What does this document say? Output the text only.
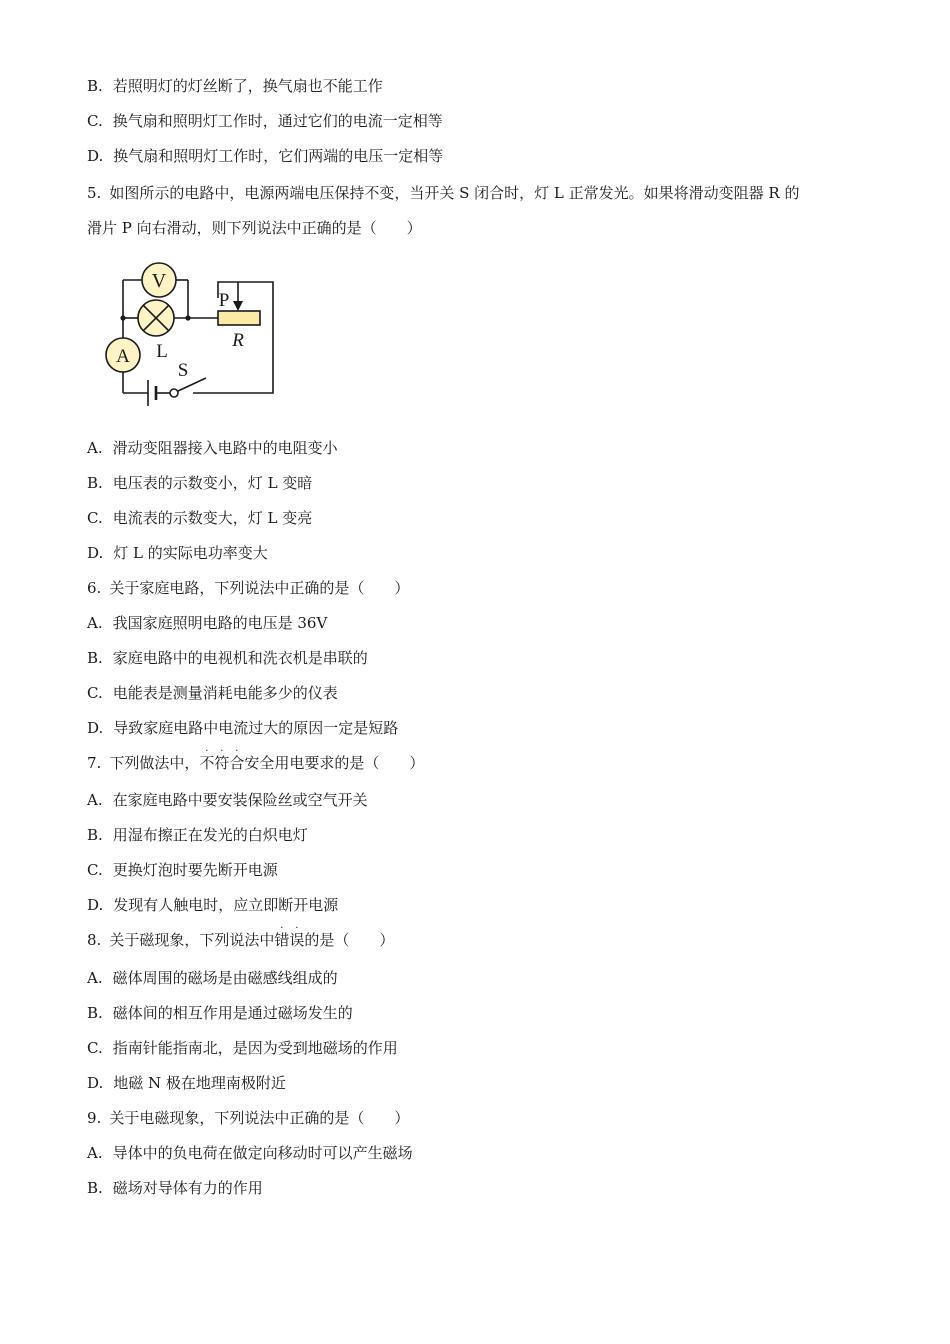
B. 若照明灯的灯丝断了，换气扇也不能工作
C. 换气扇和照明灯工作时，通过它们的电流一定相等
D. 换气扇和照明灯工作时，它们两端的电压一定相等
5. 如图所示的电路中，电源两端电压保持不变，当开关 S 闭合时，灯 L 正常发光。如果将滑动变阻器 R 的
滑片 P 向右滑动，则下列说法中正确的是（　　）
V
L
P
R
A
S
A. 滑动变阻器接入电路中的电阻变小
B. 电压表的示数变小，灯 L 变暗
C. 电流表的示数变大，灯 L 变亮
D. 灯 L 的实际电功率变大
6. 关于家庭电路，下列说法中正确的是（　　）
A. 我国家庭照明电路的电压是 36V
B. 家庭电路中的电视机和洗衣机是串联的
C. 电能表是测量消耗电能多少的仪表
D. 导致家庭电路中电流过大的原因一定是短路
7. 下列做法中，
·
不
·
符
·
合安全用电要求的是（　　）
A. 在家庭电路中要安装保险丝或空气开关
B. 用湿布擦正在发光的白炽电灯
C. 更换灯泡时要先断开电源
D. 发现有人触电时，应立即断开电源
8. 关于磁现象，下列说法中
·
错
·
误的是（　　）
A. 磁体周围的磁场是由磁感线组成的
B. 磁体间的相互作用是通过磁场发生的
C. 指南针能指南北，是因为受到地磁场的作用
D. 地磁 N 极在地理南极附近
9. 关于电磁现象，下列说法中正确的是（　　）
A. 导体中的负电荷在做定向移动时可以产生磁场
B. 磁场对导体有力的作用
